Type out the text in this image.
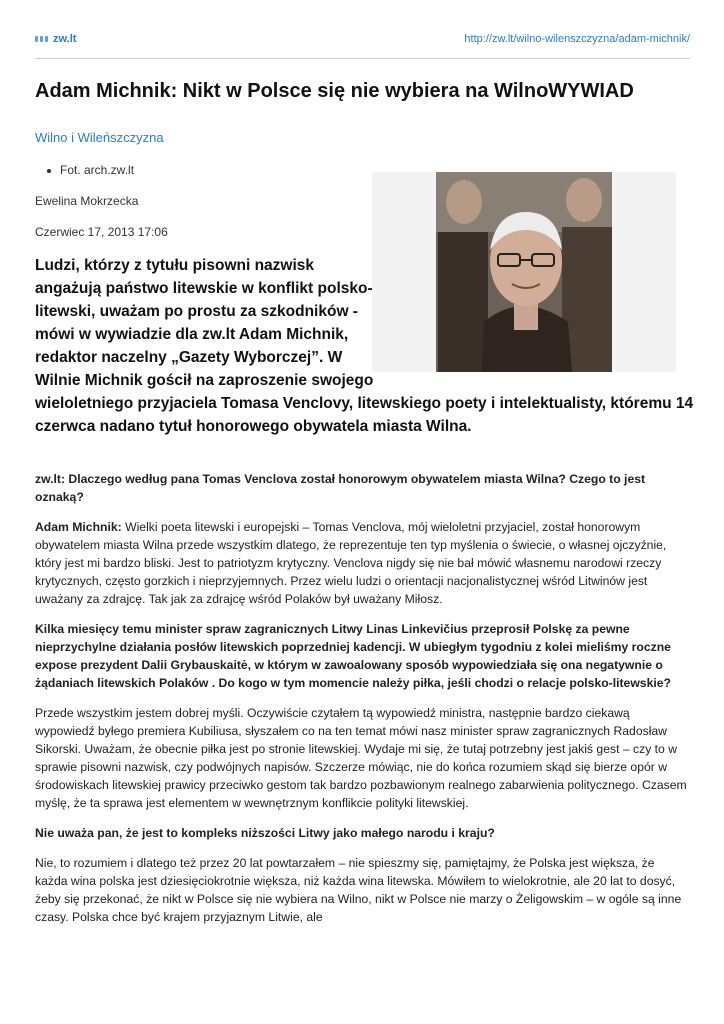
zw.lt	http://zw.lt/wilno-wilenszczyzna/adam-michnik/
Adam Michnik: Nikt w Polsce się nie wybiera na WilnoWYWIAD
Wilno i Wileńszczyzna
Fot. arch.zw.lt
Ewelina Mokrzecka
Czerwiec 17, 2013 17:06

Ludzi, którzy z tytułu pisowni nazwisk angażują państwo litewskie w konflikt polsko-litewski, uważam po prostu za szkodników - mówi w wywiadzie dla zw.lt Adam Michnik, redaktor naczelny „Gazety Wyborczej”. W Wilnie Michnik gościł na zaproszenie swojego wieloletniego przyjaciela Tomasa Venclovy, litewskiego poety i intelektualisty, któremu 14 czerwca nadano tytuł honorowego obywatela miasta Wilna.

zw.lt: Dlaczego według pana Tomas Venclova został honorowym obywatelem miasta Wilna? Czego to jest oznaką?

Adam Michnik: Wielki poeta litewski i europejski – Tomas Venclova, mój wieloletni przyjaciel, został honorowym obywatelem miasta Wilna przede wszystkim dlatego, że reprezentuje ten typ myślenia o świecie, o własnej ojczyźnie, który jest mi bardzo bliski. Jest to patriotyzm krytyczny. Venclova nigdy się nie bał mówić własnemu narodowi rzeczy krytycznych, często gorzkich i nieprzyjemnych. Przez wielu ludzi o orientacji nacjonalistycznej wśród Litwinów jest uważany za zdrajcę. Tak jak za zdrajcę wśród Polaków był uważany Miłosz.

Kilka miesięcy temu minister spraw zagranicznych Litwy Linas Linkevičius przeprosił Polskę za pewne nieprzychylne działania posłów litewskich poprzedniej kadencji. W ubiegłym tygodniu z kolei mieliśmy roczne expose prezydent Dalii Grybauskaitė, w którym w zawoalowany sposób wypowiedziała się ona negatywnie o żądaniach litewskich Polaków . Do kogo w tym momencie należy piłka, jeśli chodzi o relacje polsko-litewskie?

Przede wszystkim jestem dobrej myśli. Oczywiście czytałem tą wypowiedź ministra, następnie bardzo ciekawą wypowiedź byłego premiera Kubiliusa, słyszałem co na ten temat mówi nasz minister spraw zagranicznych Radosław Sikorski. Uważam, że obecnie piłka jest po stronie litewskiej. Wydaje mi się, że tutaj potrzebny jest jakiś gest – czy to w sprawie pisowni nazwisk, czy podwójnych napisów. Szczerze mówiąc, nie do końca rozumiem skąd się bierze opór w środowiskach litewskiej prawicy przeciwko gestom tak bardzo pozbawionym realnego zabarwienia politycznego. Czasem myślę, że ta sprawa jest elementem w wewnętrznym konflikcie polityki litewskiej.

Nie uważa pan, że jest to kompleks niższości Litwy jako małego narodu i kraju?

Nie, to rozumiem i dlatego też przez 20 lat powtarzałem – nie spieszmy się, pamiętajmy, że Polska jest większa, że każda wina polska jest dziesięciokrotnie większa, niż każda wina litewska. Mówiłem to wielokrotnie, ale 20 lat to dosyć, żeby się przekonać, że nikt w Polsce się nie wybiera na Wilno, nikt w Polsce nie marzy o Żeligowskim – w ogóle są inne czasy. Polska chce być krajem przyjaznym Litwie, ale
